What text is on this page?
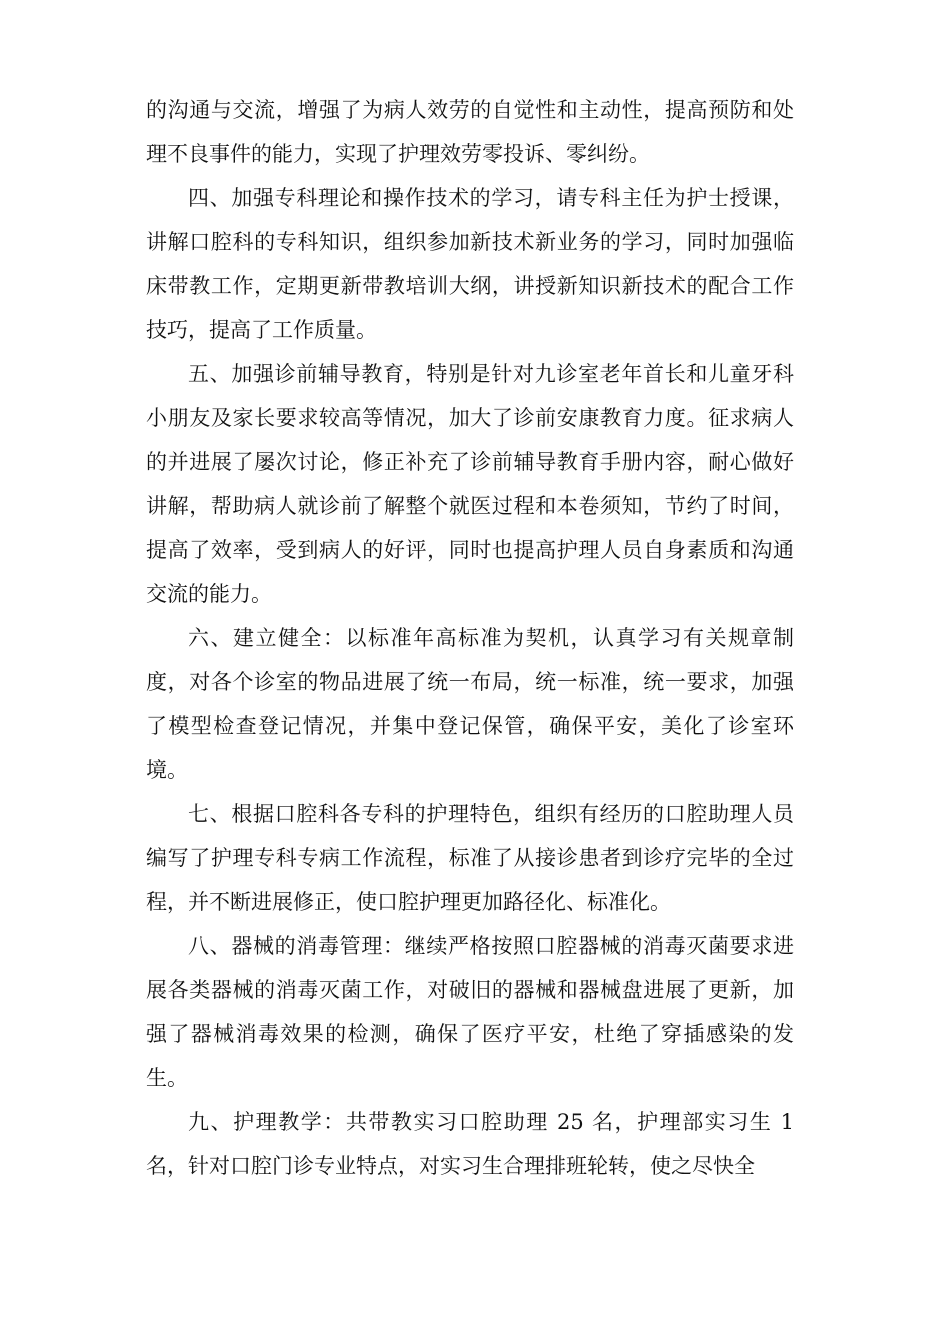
的沟通与交流，增强了为病人效劳的自觉性和主动性，提高预防和处理不良事件的能力，实现了护理效劳零投诉、零纠纷。

四、加强专科理论和操作技术的学习，请专科主任为护士授课，讲解口腔科的专科知识，组织参加新技术新业务的学习，同时加强临床带教工作，定期更新带教培训大纲，讲授新知识新技术的配合工作技巧，提高了工作质量。

五、加强诊前辅导教育，特别是针对九诊室老年首长和儿童牙科小朋友及家长要求较高等情况，加大了诊前安康教育力度。征求病人的并进展了屡次讨论，修正补充了诊前辅导教育手册内容，耐心做好讲解，帮助病人就诊前了解整个就医过程和本卷须知，节约了时间，提高了效率，受到病人的好评，同时也提高护理人员自身素质和沟通交流的能力。

六、建立健全：以标准年高标准为契机，认真学习有关规章制度，对各个诊室的物品进展了统一布局，统一标准，统一要求，加强了模型检查登记情况，并集中登记保管，确保平安，美化了诊室环境。

七、根据口腔科各专科的护理特色，组织有经历的口腔助理人员编写了护理专科专病工作流程，标准了从接诊患者到诊疗完毕的全过程，并不断进展修正，使口腔护理更加路径化、标准化。

八、器械的消毒管理：继续严格按照口腔器械的消毒灭菌要求进展各类器械的消毒灭菌工作，对破旧的器械和器械盘进展了更新，加强了器械消毒效果的检测，确保了医疗平安，杜绝了穿插感染的发生。

九、护理教学：共带教实习口腔助理 25 名，护理部实习生 1 名，针对口腔门诊专业特点，对实习生合理排班轮转，使之尽快全
